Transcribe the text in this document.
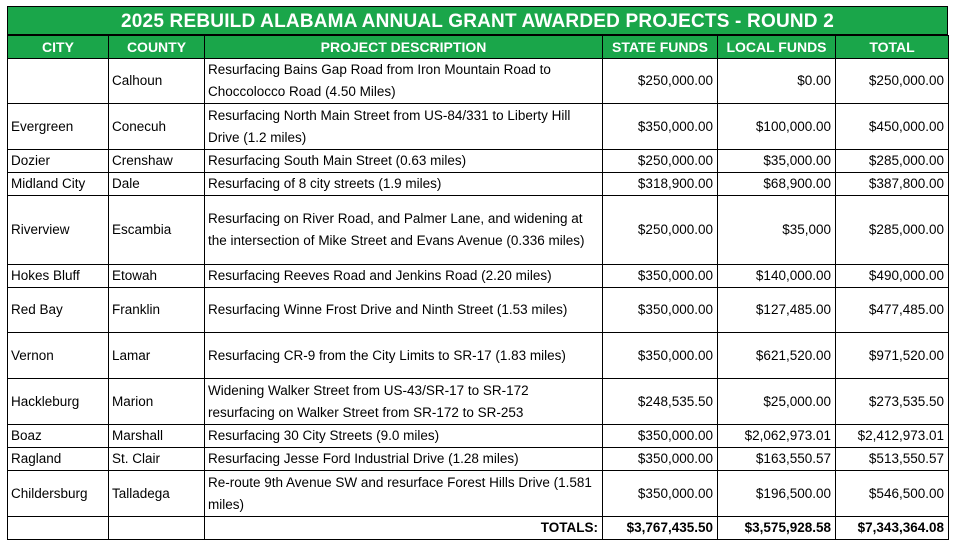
2025 REBUILD ALABAMA ANNUAL GRANT AWARDED PROJECTS - ROUND 2
CITY	COUNTY	PROJECT DESCRIPTION	STATE FUNDS	LOCAL FUNDS	TOTAL
	Calhoun	Resurfacing Bains Gap Road from Iron Mountain Road to Choccolocco Road (4.50 Miles)	$250,000.00	$0.00	$250,000.00
Evergreen	Conecuh	Resurfacing North Main Street from US-84/331 to Liberty Hill Drive (1.2 miles)	$350,000.00	$100,000.00	$450,000.00
Dozier	Crenshaw	Resurfacing South Main Street (0.63 miles)	$250,000.00	$35,000.00	$285,000.00
Midland City	Dale	Resurfacing of 8 city streets (1.9 miles)	$318,900.00	$68,900.00	$387,800.00
Riverview	Escambia	Resurfacing on River Road, and Palmer Lane, and widening at the intersection of Mike Street and Evans Avenue (0.336 miles)	$250,000.00	$35,000	$285,000.00
Hokes Bluff	Etowah	Resurfacing Reeves Road and Jenkins Road (2.20 miles)	$350,000.00	$140,000.00	$490,000.00
Red Bay	Franklin	Resurfacing Winne Frost Drive and Ninth Street (1.53 miles)	$350,000.00	$127,485.00	$477,485.00
Vernon	Lamar	Resurfacing CR-9 from the City Limits to SR-17 (1.83 miles)	$350,000.00	$621,520.00	$971,520.00
Hackleburg	Marion	Widening Walker Street from US-43/SR-17 to SR-172 resurfacing on Walker Street from SR-172 to SR-253	$248,535.50	$25,000.00	$273,535.50
Boaz	Marshall	Resurfacing 30 City Streets (9.0 miles)	$350,000.00	$2,062,973.01	$2,412,973.01
Ragland	St. Clair	Resurfacing Jesse Ford Industrial Drive (1.28 miles)	$350,000.00	$163,550.57	$513,550.57
Childersburg	Talladega	Re-route 9th Avenue SW and resurface Forest Hills Drive (1.581 miles)	$350,000.00	$196,500.00	$546,500.00
		TOTALS:	$3,767,435.50	$3,575,928.58	$7,343,364.08
